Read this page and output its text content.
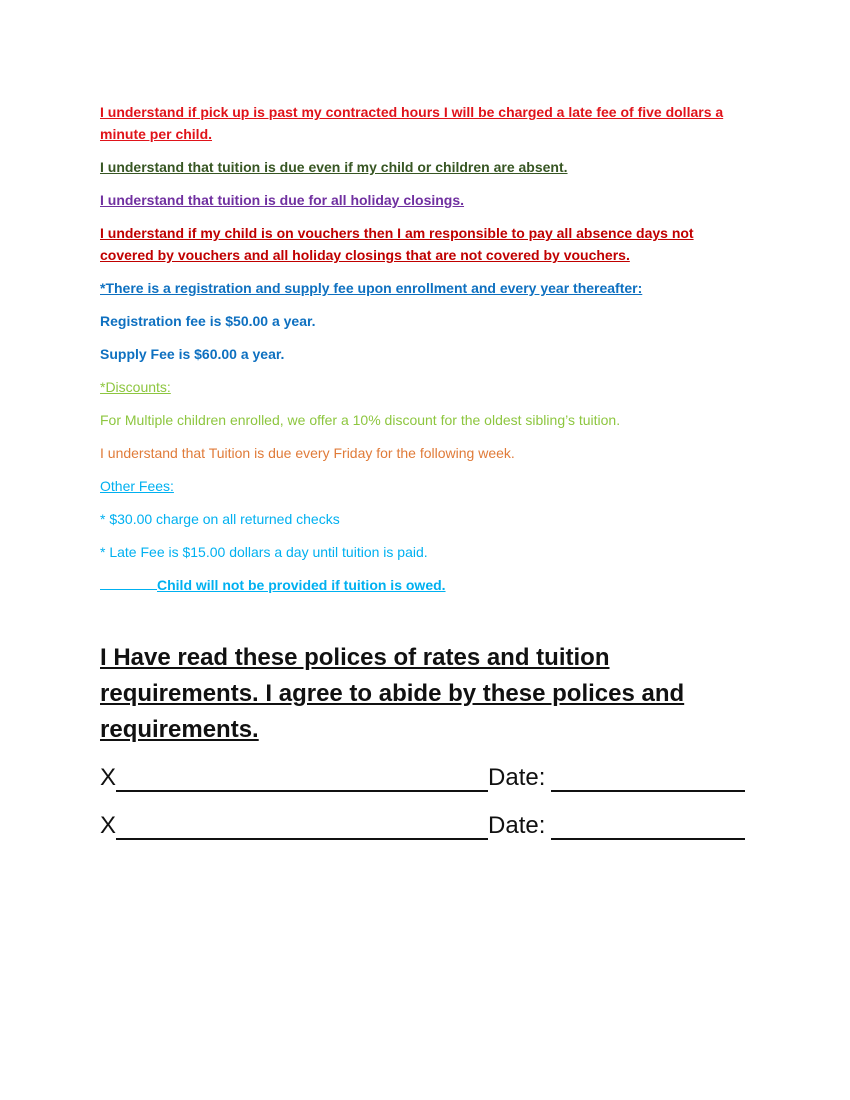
I understand if pick up is past my contracted hours I will be charged a late fee of five dollars a minute per child.

I understand that tuition is due even if my child or children are absent.

I understand that tuition is due for all holiday closings.

I understand if my child is on vouchers then I am responsible to pay all absence days not covered by vouchers and all holiday closings that are not covered by vouchers.

*There is a registration and supply fee upon enrollment and every year thereafter:

Registration fee is $50.00 a year.

Supply Fee is $60.00 a year.

*Discounts:

For Multiple children enrolled, we offer a 10% discount for the oldest sibling’s tuition.

I understand that Tuition is due every Friday for the following week.

Other Fees:

* $30.00 charge on all returned checks

* Late Fee is $15.00 dollars a day until tuition is paid.

Child will not be provided if tuition is owed.

I Have read these polices of rates and tuition requirements. I agree to abide by these polices and requirements.

X	Date:
X	Date:
